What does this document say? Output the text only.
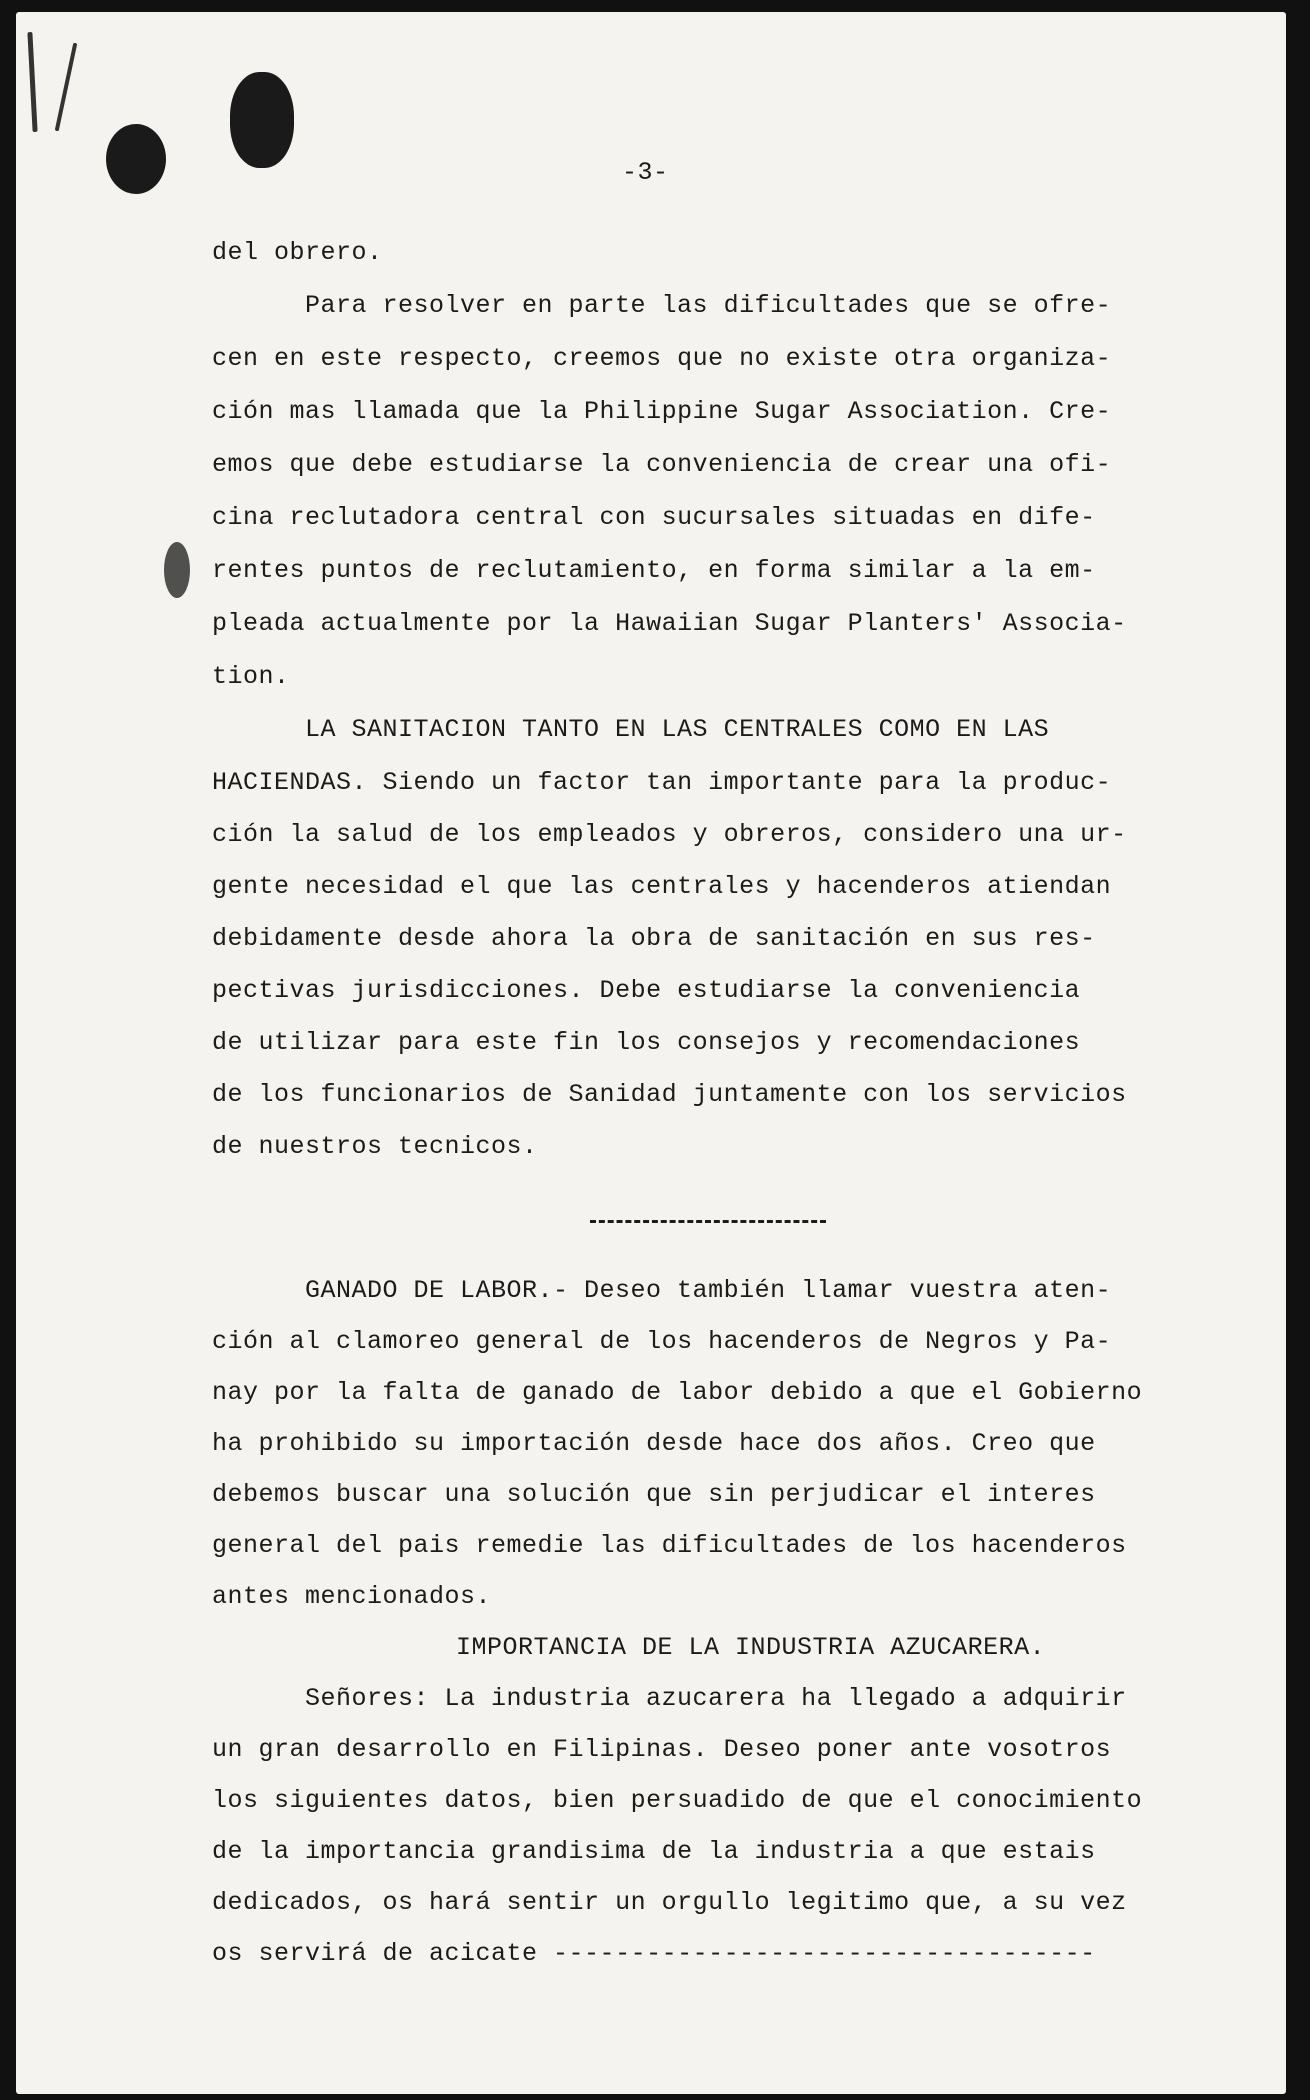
-3-

del obrero.

Para resolver en parte las dificultades que se ofre-

cen en este respecto, creemos que no existe otra organiza-

ción mas llamada que la Philippine Sugar Association. Cre-

emos que debe estudiarse la conveniencia de crear una ofi-

cina reclutadora central con sucursales situadas en dife-

rentes puntos de reclutamiento, en forma similar a la em-

pleada actualmente por la Hawaiian Sugar Planters' Associa-

tion.

LA SANITACION TANTO EN LAS CENTRALES COMO EN LAS

HACIENDAS. Siendo un factor tan importante para la produc-

ción la salud de los empleados y obreros, considero una ur-

gente necesidad el que las centrales y hacenderos atiendan

debidamente desde ahora la obra de sanitación en sus res-

pectivas jurisdicciones. Debe estudiarse la conveniencia

de utilizar para este fin los consejos y recomendaciones

de los funcionarios de Sanidad juntamente con los servicios

de nuestros tecnicos.

GANADO DE LABOR.- Deseo también llamar vuestra aten-

ción al clamoreo general de los hacenderos de Negros y Pa-

nay por la falta de ganado de labor debido a que el Gobierno

ha prohibido su importación desde hace dos años. Creo que

debemos buscar una solución que sin perjudicar el interes

general del pais remedie las dificultades de los hacenderos

antes mencionados.

IMPORTANCIA DE LA INDUSTRIA AZUCARERA.

Señores: La industria azucarera ha llegado a adquirir

un gran desarrollo en Filipinas. Deseo poner ante vosotros

los siguientes datos, bien persuadido de que el conocimiento

de la importancia grandisima de la industria a que estais

dedicados, os hará sentir un orgullo legitimo que, a su vez

os servirá de acicate -----------------------------------
